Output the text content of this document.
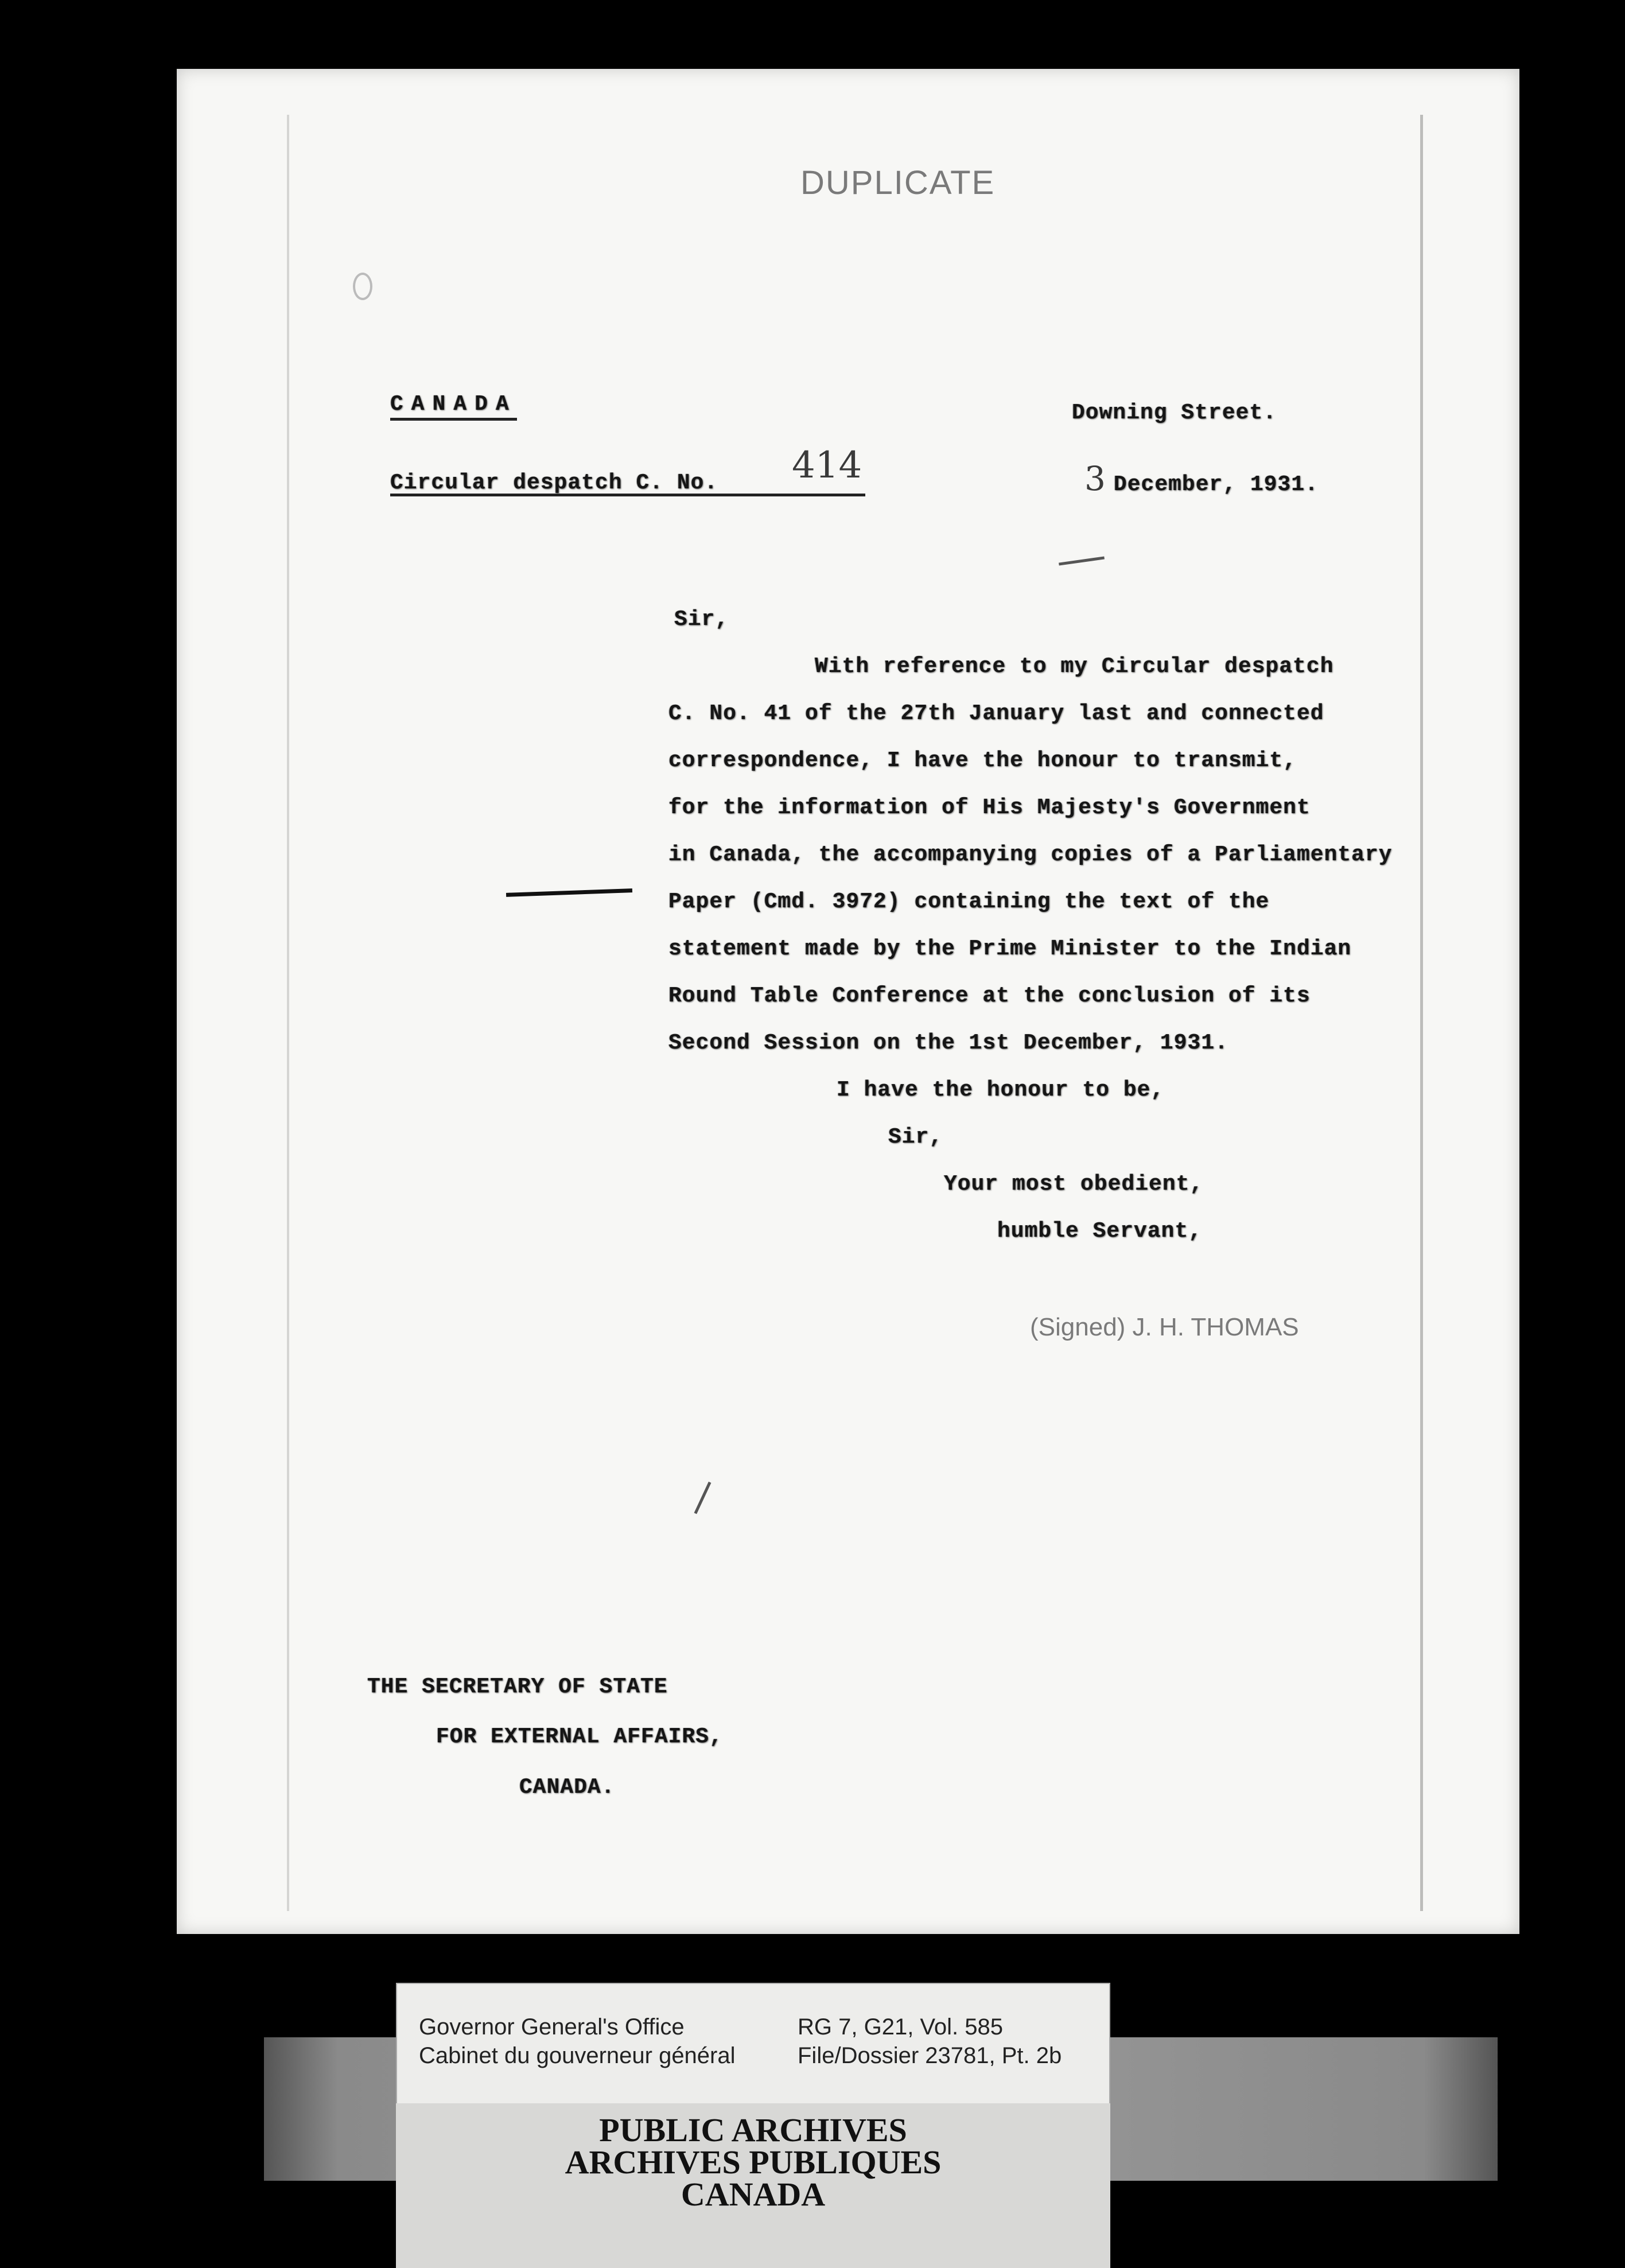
DUPLICATE
CANADA
Circular despatch C. No. 414
Downing Street.
3 December, 1931.
Sir,
With reference to my Circular despatch
C. No. 41 of the 27th January last and connected
correspondence, I have the honour to transmit,
for the information of His Majesty's Government
in Canada, the accompanying copies of a Parliamentary
Paper (Cmd. 3972) containing the text of the
statement made by the Prime Minister to the Indian
Round Table Conference at the conclusion of its
Second Session on the 1st December, 1931.
I have the honour to be,
Sir,
Your most obedient,
humble Servant,
(Signed) J. H. THOMAS
THE SECRETARY OF STATE
FOR EXTERNAL AFFAIRS,
CANADA.
Governor General's Office
Cabinet du gouverneur général
RG 7, G21, Vol. 585
File/Dossier 23781, Pt. 2b
PUBLIC ARCHIVES
ARCHIVES PUBLIQUES
CANADA
